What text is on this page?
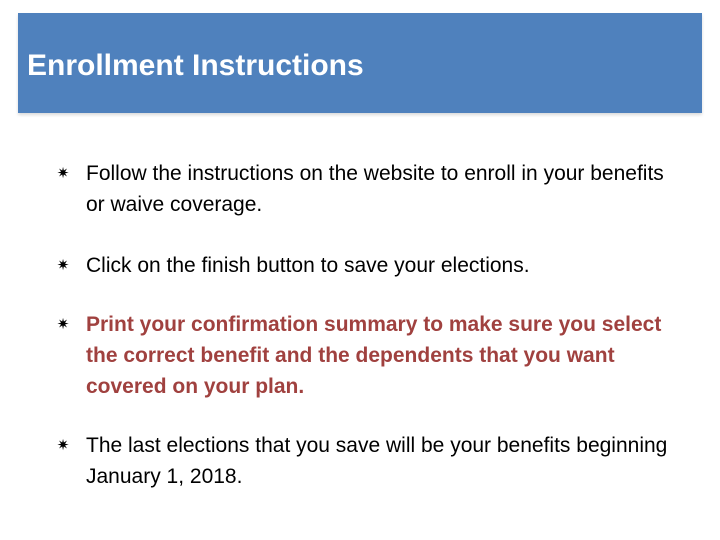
Enrollment Instructions
✷ Follow the instructions on the website to enroll in your benefits or waive coverage.
✷ Click on the finish button to save your elections.
✷ Print your confirmation summary to make sure you select the correct benefit and the dependents that you want covered on your plan.
✷ The last elections that you save will be your benefits beginning January 1, 2018.
